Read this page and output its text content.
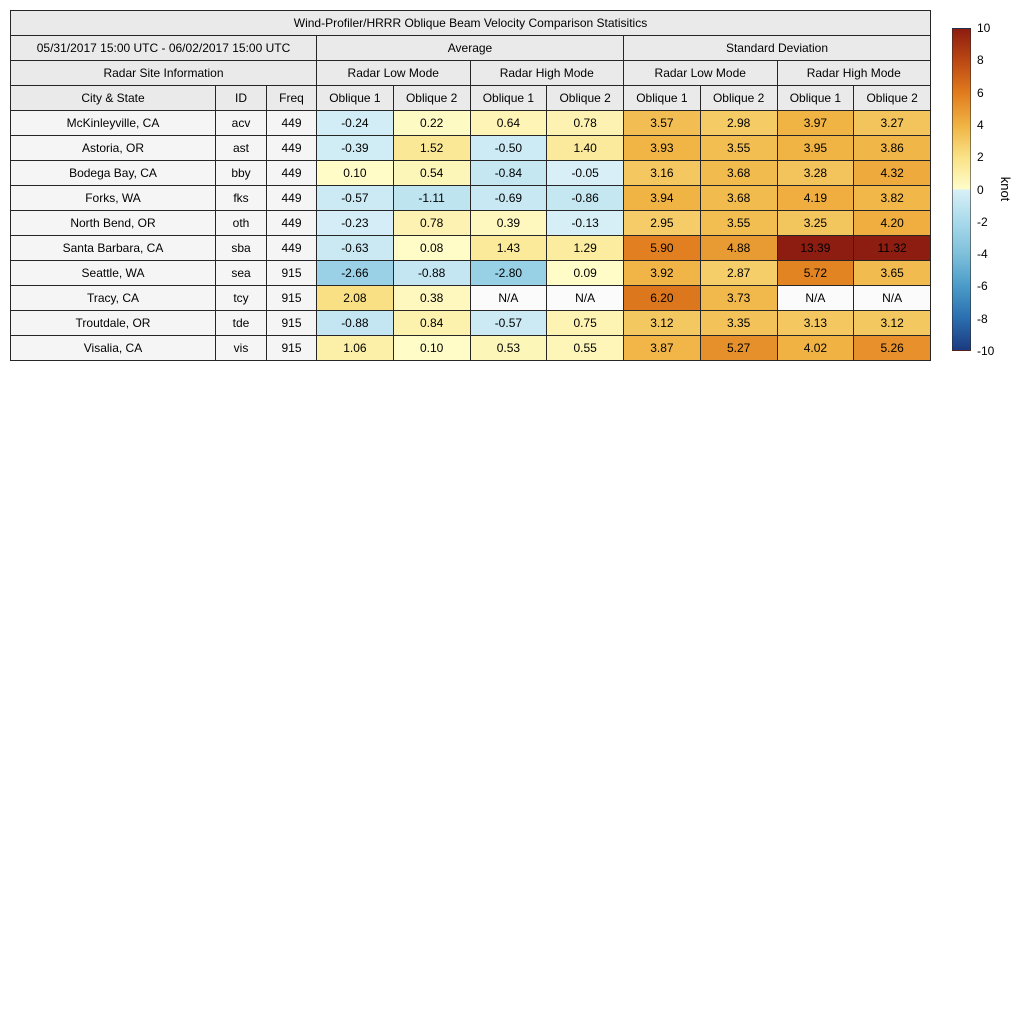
Wind-Profiler/HRRR Oblique Beam Velocity Comparison Statisitics										
05/31/2017 15:00 UTC - 06/02/2017 15:00 UTC			Average				Standard Deviation			
Radar Site Information			Radar Low Mode		Radar High Mode		Radar Low Mode		Radar High Mode	
City & State	ID	Freq	Oblique 1	Oblique 2	Oblique 1	Oblique 2	Oblique 1	Oblique 2	Oblique 1	Oblique 2
McKinleyville, CA	acv	449	-0.24	0.22	0.64	0.78	3.57	2.98	3.97	3.27
Astoria, OR	ast	449	-0.39	1.52	-0.50	1.40	3.93	3.55	3.95	3.86
Bodega Bay, CA	bby	449	0.10	0.54	-0.84	-0.05	3.16	3.68	3.28	4.32
Forks, WA	fks	449	-0.57	-1.11	-0.69	-0.86	3.94	3.68	4.19	3.82
North Bend, OR	oth	449	-0.23	0.78	0.39	-0.13	2.95	3.55	3.25	4.20
Santa Barbara, CA	sba	449	-0.63	0.08	1.43	1.29	5.90	4.88	13.39	11.32
Seattle, WA	sea	915	-2.66	-0.88	-2.80	0.09	3.92	2.87	5.72	3.65
Tracy, CA	tcy	915	2.08	0.38	N/A	N/A	6.20	3.73	N/A	N/A
Troutdale, OR	tde	915	-0.88	0.84	-0.57	0.75	3.12	3.35	3.13	3.12
Visalia, CA	vis	915	1.06	0.10	0.53	0.55	3.87	5.27	4.02	5.26
10
8
6
4
2
0
-2
-4
-6
-8
-10
knot
